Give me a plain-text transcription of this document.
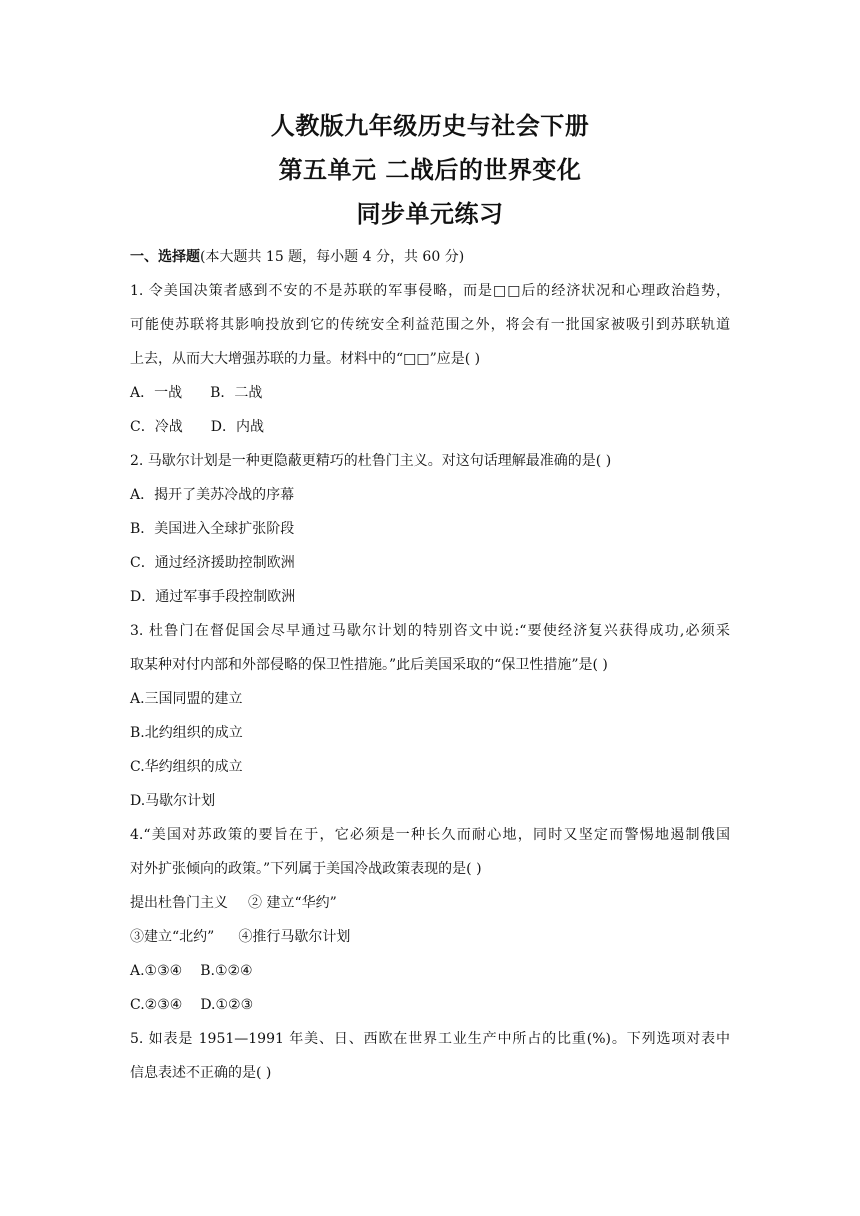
人教版九年级历史与社会下册
第五单元 二战后的世界变化
同步单元练习
一、选择题(本大题共 15 题，每小题 4 分，共 60 分)
1. 令美国决策者感到不安的不是苏联的军事侵略，而是□□后的经济状况和心理政治趋势，
可能使苏联将其影响投放到它的传统安全利益范围之外，将会有一批国家被吸引到苏联轨道
上去，从而大大增强苏联的力量。材料中的“□□”应是( )
A．一战 B．二战
C．冷战 D．内战
2. 马歇尔计划是一种更隐蔽更精巧的杜鲁门主义。对这句话理解最准确的是( )
A．揭开了美苏冷战的序幕
B．美国进入全球扩张阶段
C．通过经济援助控制欧洲
D．通过军事手段控制欧洲
3. 杜鲁门在督促国会尽早通过马歇尔计划的特别咨文中说:“要使经济复兴获得成功,必须采
取某种对付内部和外部侵略的保卫性措施。”此后美国采取的“保卫性措施”是( )
A.三国同盟的建立
B.北约组织的成立
C.华约组织的成立
D.马歇尔计划
4.“美国对苏政策的要旨在于，它必须是一种长久而耐心地，同时又坚定而警惕地遏制俄国
对外扩张倾向的政策。”下列属于美国冷战政策表现的是( )
提出杜鲁门主义 ② 建立“华约”
③建立“北约” ④推行马歇尔计划
A.①③④ B.①②④
C.②③④ D.①②③
5. 如表是 1951—1991 年美、日、西欧在世界工业生产中所占的比重(%)。下列选项对表中
信息表述不正确的是( )
